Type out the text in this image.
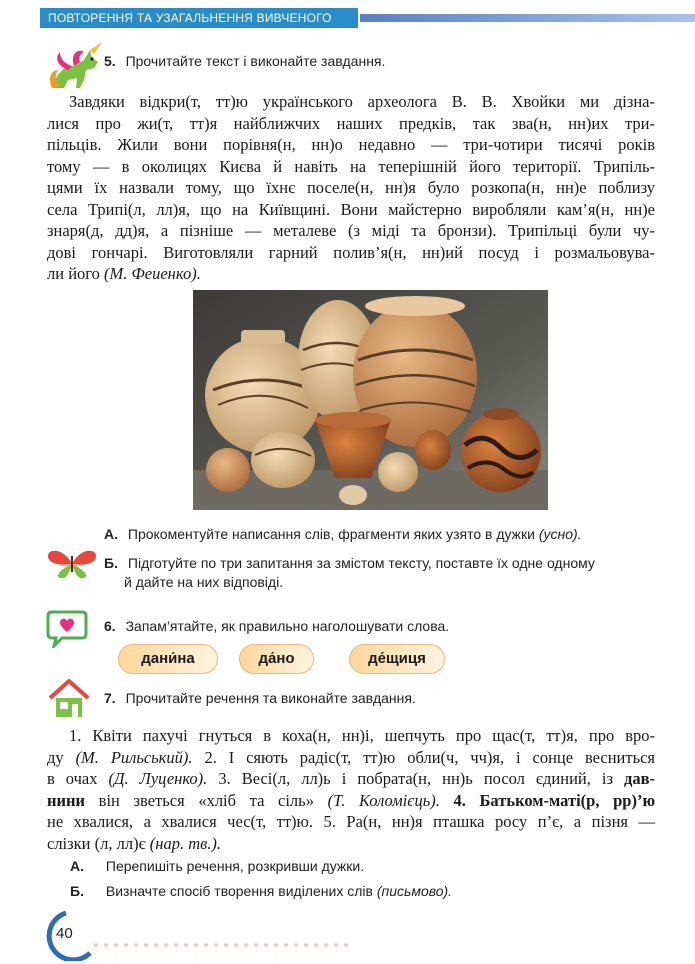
ПОВТОРЕННЯ ТА УЗАГАЛЬНЕННЯ ВИВЧЕНОГО
5. Прочитайте текст і виконайте завдання.
Завдяки відкри(т, тт)ю українського археолога В. В. Хвойки ми дізна-
лися про жи(т, тт)я найближчих наших предків, так зва(н, нн)их три-
пільців. Жили вони порівня(н, нн)о недавно — три-чотири тисячі років
тому — в околицях Києва й навіть на теперішній його території. Трипіль-
цями їх назвали тому, що їхнє поселе(н, нн)я було розкопа(н, нн)е поблизу
села Трипі(л, лл)я, що на Київщині. Вони майстерно виробляли кам’я(н, нн)е
знаря(д, дд)я, а пізніше — металеве (з міді та бронзи). Трипільці були чу-
дові гончарі. Виготовляли гарний полив’я(н, нн)ий посуд і розмальовува-
ли його (М. Феиенко).
А. Прокоментуйте написання слів, фрагменти яких узято в дужки (усно).
Б. Підготуйте по три запитання за змістом тексту, поставте їх одне одному
й дайте на них відповіді.
6. Запам’ятайте, як правильно наголошувати слова.
дани́на	да́но	де́щиця
7. Прочитайте речення та виконайте завдання.
1. Квіти пахучі гнуться в коха(н, нн)і, шепчуть про щас(т, тт)я, про вро-
ду (М. Рильський). 2. І сяють радіс(т, тт)ю обли(ч, чч)я, і сонце весниться
в очах (Д. Луценко). 3. Весі(л, лл)ь і побрата(н, нн)ь посол єдиний, із дав-
нини він зветься «хліб та сіль» (Т. Коломієць). 4. Батьком-маті(р, рр)’ю
не хвалися, а хвалися чес(т, тт)ю. 5. Ра(н, нн)я пташка росу п’є, а пізня —
слізки (л, лл)є (нар. тв.).
А. Перепишіть речення, розкривши дужки.
Б. Визначте спосіб творення виділених слів (письмово).
40
